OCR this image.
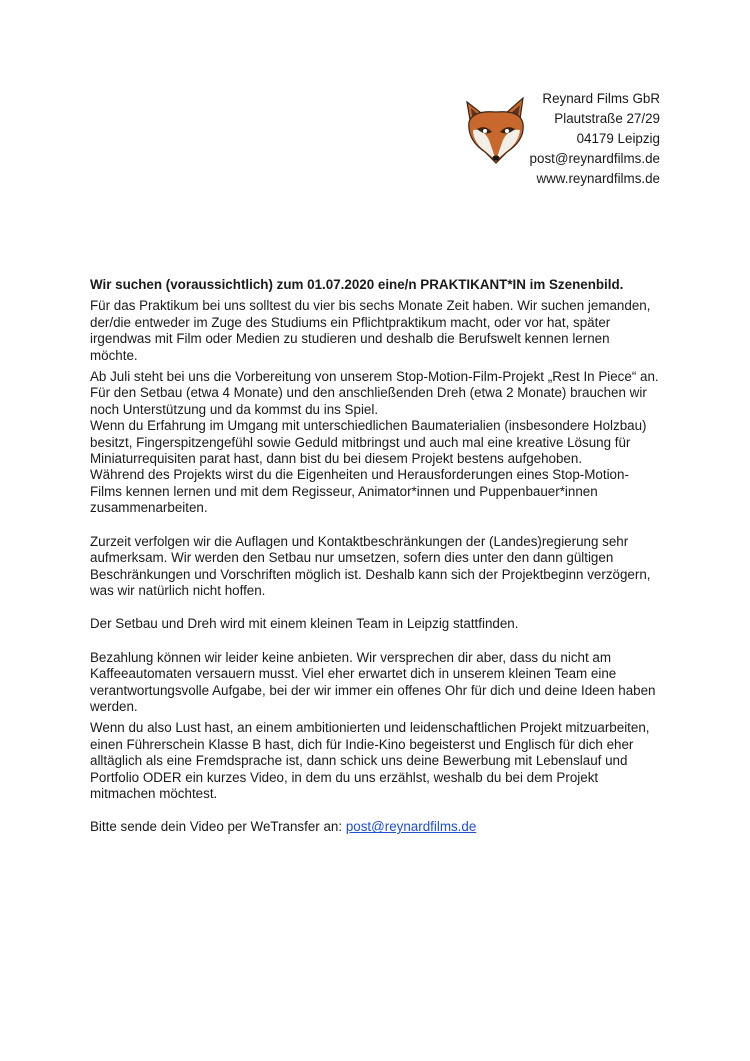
Reynard Films GbR
Plautstraße 27/29
04179 Leipzig
post@reynardfilms.de
www.reynardfilms.de

Wir suchen (voraussichtlich) zum 01.07.2020 eine/n PRAKTIKANT*IN im Szenenbild.

Für das Praktikum bei uns solltest du vier bis sechs Monate Zeit haben. Wir suchen jemanden, der/die entweder im Zuge des Studiums ein Pflichtpraktikum macht, oder vor hat, später irgendwas mit Film oder Medien zu studieren und deshalb die Berufswelt kennen lernen möchte.

Ab Juli steht bei uns die Vorbereitung von unserem Stop-Motion-Film-Projekt „Rest In Piece“ an. Für den Setbau (etwa 4 Monate) und den anschließenden Dreh (etwa 2 Monate) brauchen wir noch Unterstützung und da kommst du ins Spiel.

Wenn du Erfahrung im Umgang mit unterschiedlichen Baumaterialien (insbesondere Holzbau) besitzt, Fingerspitzengefühl sowie Geduld mitbringst und auch mal eine kreative Lösung für Miniaturrequisiten parat hast, dann bist du bei diesem Projekt bestens aufgehoben.

Während des Projekts wirst du die Eigenheiten und Herausforderungen eines Stop-Motion-Films kennen lernen und mit dem Regisseur, Animator*innen und Puppenbauer*innen zusammenarbeiten.

Zurzeit verfolgen wir die Auflagen und Kontaktbeschränkungen der (Landes)regierung sehr aufmerksam. Wir werden den Setbau nur umsetzen, sofern dies unter den dann gültigen Beschränkungen und Vorschriften möglich ist. Deshalb kann sich der Projektbeginn verzögern, was wir natürlich nicht hoffen.

Der Setbau und Dreh wird mit einem kleinen Team in Leipzig stattfinden.

Bezahlung können wir leider keine anbieten. Wir versprechen dir aber, dass du nicht am Kaffeeautomaten versauern musst. Viel eher erwartet dich in unserem kleinen Team eine verantwortungsvolle Aufgabe, bei der wir immer ein offenes Ohr für dich und deine Ideen haben werden.

Wenn du also Lust hast, an einem ambitionierten und leidenschaftlichen Projekt mitzuarbeiten, einen Führerschein Klasse B hast, dich für Indie-Kino begeisterst und Englisch für dich eher alltäglich als eine Fremdsprache ist, dann schick uns deine Bewerbung mit Lebenslauf und Portfolio ODER ein kurzes Video, in dem du uns erzählst, weshalb du bei dem Projekt mitmachen möchtest.

Bitte sende dein Video per WeTransfer an: post@reynardfilms.de
